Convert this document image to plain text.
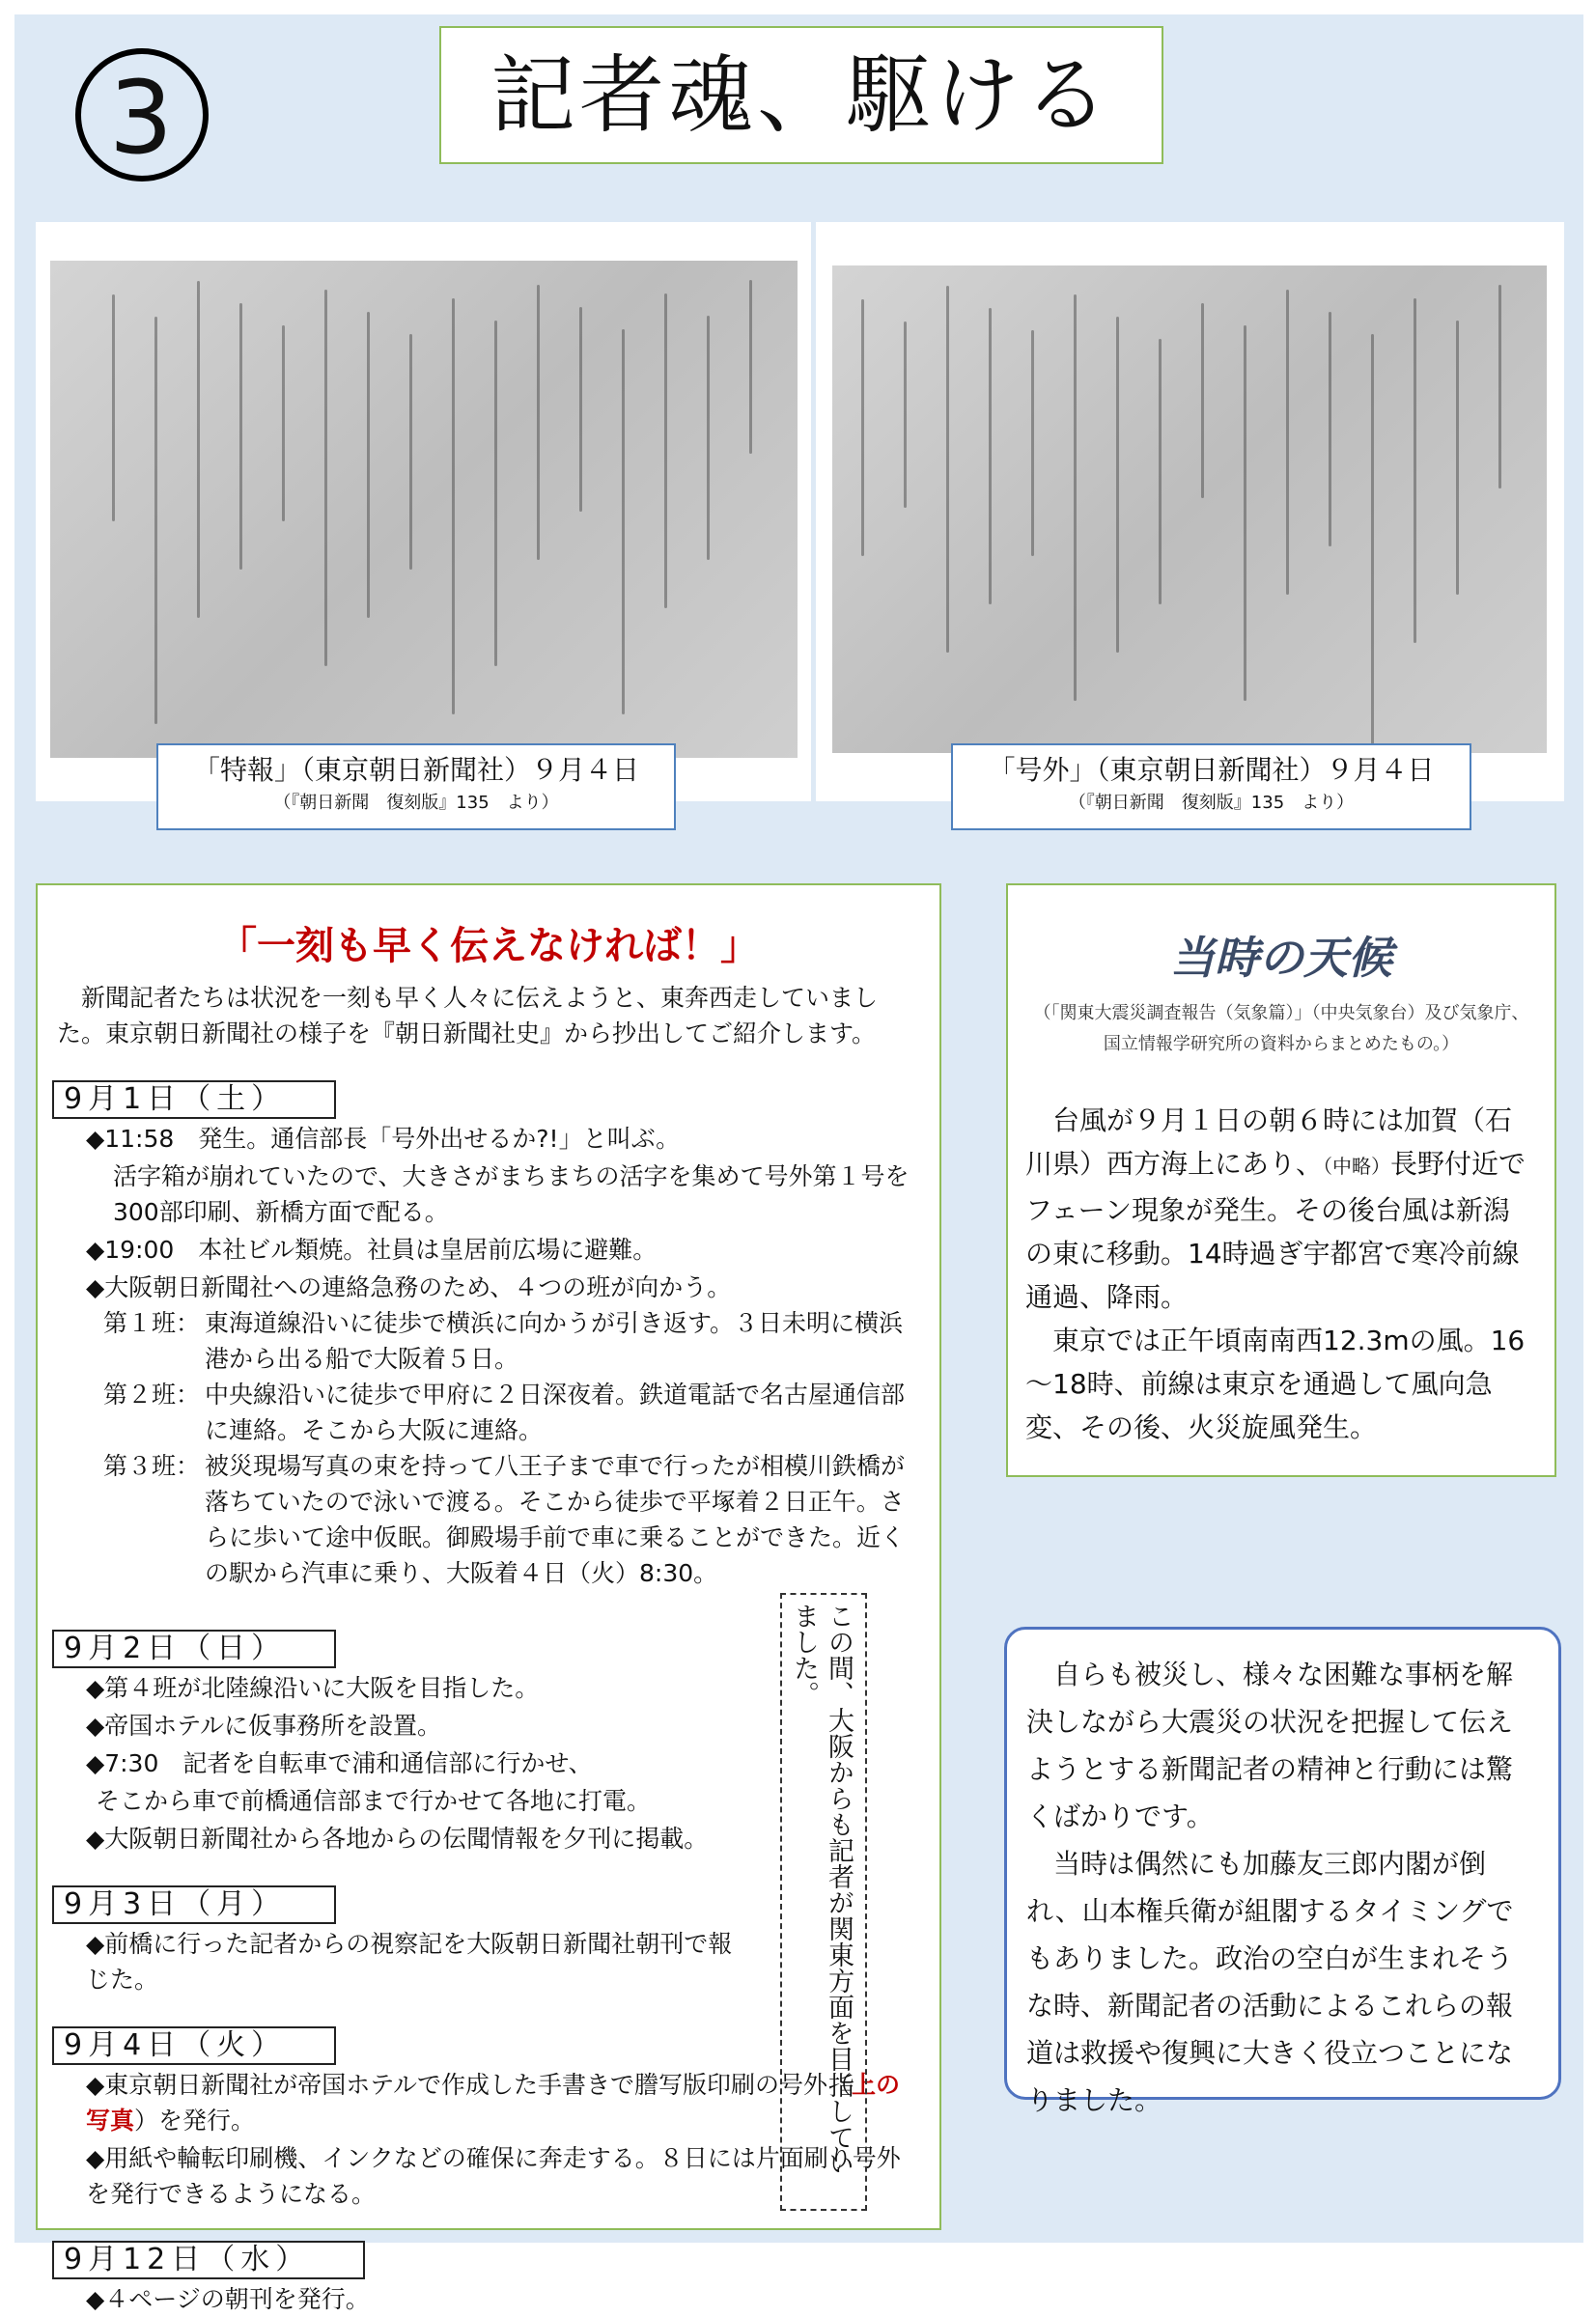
3	記者魂、駆ける
「特報」（東京朝日新聞社）９月４日
（『朝日新聞　復刻版』135　より）
「号外」（東京朝日新聞社）９月４日
（『朝日新聞　復刻版』135　より）
「一刻も早く伝えなければ！」
新聞記者たちは状況を一刻も早く人々に伝えようと、東奔西走していました。東京朝日新聞社の様子を『朝日新聞社史』から抄出してご紹介します。
9月1日（土）
◆11:58　発生。通信部長「号外出せるか?!」と叫ぶ。
活字箱が崩れていたので、大きさがまちまちの活字を集めて号外第１号を300部印刷、新橋方面で配る。
◆19:00　本社ビル類焼。社員は皇居前広場に避難。
◆大阪朝日新聞社への連絡急務のため、４つの班が向かう。
第１班： 東海道線沿いに徒歩で横浜に向かうが引き返す。３日未明に横浜港から出る船で大阪着５日。
第２班： 中央線沿いに徒歩で甲府に２日深夜着。鉄道電話で名古屋通信部に連絡。そこから大阪に連絡。
第３班： 被災現場写真の束を持って八王子まで車で行ったが相模川鉄橋が落ちていたので泳いで渡る。そこから徒歩で平塚着２日正午。さらに歩いて途中仮眠。御殿場手前で車に乗ることができた。近くの駅から汽車に乗り、大阪着４日（火）8:30。
9月2日（日）
◆第４班が北陸線沿いに大阪を目指した。
◆帝国ホテルに仮事務所を設置。
◆7:30　記者を自転車で浦和通信部に行かせ、
そこから車で前橋通信部まで行かせて各地に打電。
◆大阪朝日新聞社から各地からの伝聞情報を夕刊に掲載。
9月3日（月）
◆前橋に行った記者からの視察記を大阪朝日新聞社朝刊で報じた。
9月4日（火）
◆東京朝日新聞社が帝国ホテルで作成した手書きで謄写版印刷の号外（上の写真）を発行。
◆用紙や輪転印刷機、インクなどの確保に奔走する。８日には片面刷り号外を発行できるようになる。
9月12日（水）
◆４ページの朝刊を発行。
この間、大阪からも記者が関東方面を目指していました。
当時の天候
（「関東大震災調査報告（気象篇）」（中央気象台）及び気象庁、国立情報学研究所の資料からまとめたもの。）

台風が９月１日の朝６時には加賀（石川県）西方海上にあり、（中略）長野付近でフェーン現象が発生。その後台風は新潟の東に移動。14時過ぎ宇都宮で寒冷前線通過、降雨。

東京では正午頃南南西12.3mの風。16～18時、前線は東京を通過して風向急変、その後、火災旋風発生。

自らも被災し、様々な困難な事柄を解決しながら大震災の状況を把握して伝えようとする新聞記者の精神と行動には驚くばかりです。

当時は偶然にも加藤友三郎内閣が倒れ、山本権兵衛が組閣するタイミングでもありました。政治の空白が生まれそうな時、新聞記者の活動によるこれらの報道は救援や復興に大きく役立つことになりました。
